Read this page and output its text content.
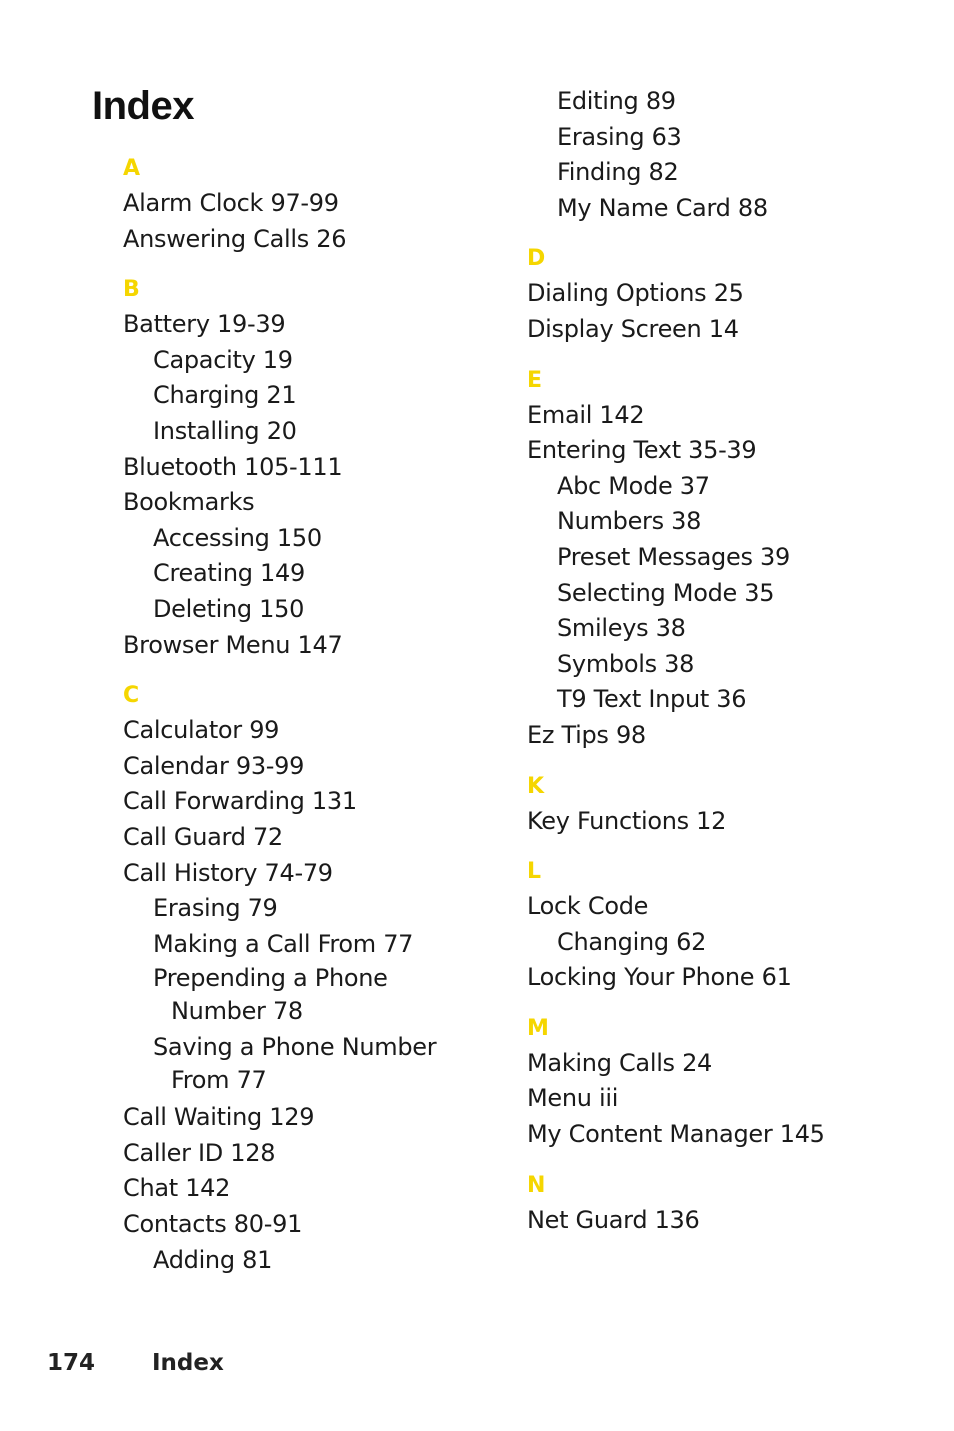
Index
A
Alarm Clock 97-99
Answering Calls 26
B
Battery 19-39
Capacity 19
Charging 21
Installing 20
Bluetooth 105-111
Bookmarks
Accessing 150
Creating 149
Deleting 150
Browser Menu 147
C
Calculator 99
Calendar 93-99
Call Forwarding 131
Call Guard 72
Call History 74-79
Erasing 79
Making a Call From 77
Prepending a Phone Number 78
Saving a Phone Number From 77
Call Waiting 129
Caller ID 128
Chat 142
Contacts 80-91
Adding 81
Editing 89
Erasing 63
Finding 82
My Name Card 88
D
Dialing Options 25
Display Screen 14
E
Email 142
Entering Text 35-39
Abc Mode 37
Numbers 38
Preset Messages 39
Selecting Mode 35
Smileys 38
Symbols 38
T9 Text Input 36
Ez Tips 98
K
Key Functions 12
L
Lock Code
Changing 62
Locking Your Phone 61
M
Making Calls 24
Menu iii
My Content Manager 145
N
Net Guard 136
174 Index
